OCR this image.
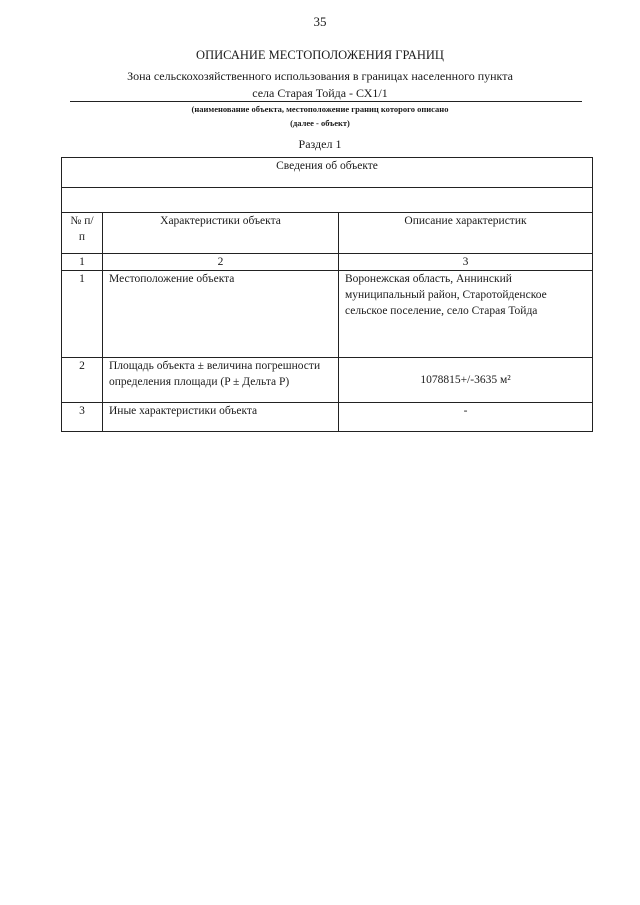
35
ОПИСАНИЕ МЕСТОПОЛОЖЕНИЯ ГРАНИЦ
Зона сельскохозяйственного использования в границах населенного пункта
села Старая Тойда - СХ1/1
(наименование объекта, местоположение границ которого описано
(далее - объект)
Раздел 1
Сведения об объекте		

№ п/п	Характеристики объекта	Описание характеристик
1	2	3
1	Местоположение объекта	Воронежская область, Аннинский муниципальный район, Старотойденское сельское поселение, село Старая Тойда
2	Площадь объекта ± величина погрешности определения площади (P ± Дельта P)	1078815+/-3635 м²
3	Иные характеристики объекта	-
